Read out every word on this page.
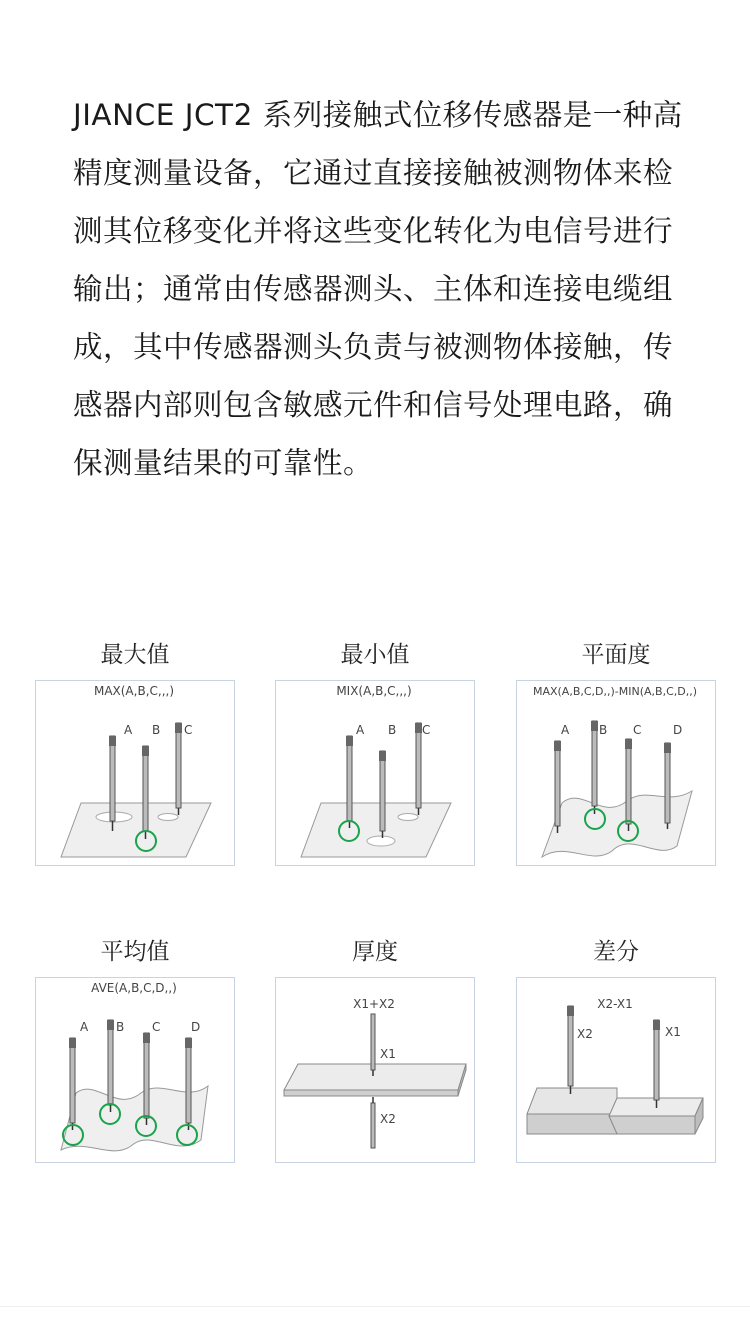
JIANCE JCT2 系列接触式位移传感器是一种高精度测量设备，它通过直接接触被测物体来检测其位移变化并将这些变化转化为电信号进行输出；通常由传感器测头、主体和连接电缆组成，其中传感器测头负责与被测物体接触，传感器内部则包含敏感元件和信号处理电路，确保测量结果的可靠性。

最大值
MAX(A,B,C,,,)
A B C
最小值
MIX(A,B,C,,,)
A B C
平面度
MAX(A,B,C,D,,)-MIN(A,B,C,D,,)
A B C	D
平均值
AVE(A,B,C,D,,)
A B C	D
厚度
X1+X2
X1
X2
差分
X2-X1
X2	X1
